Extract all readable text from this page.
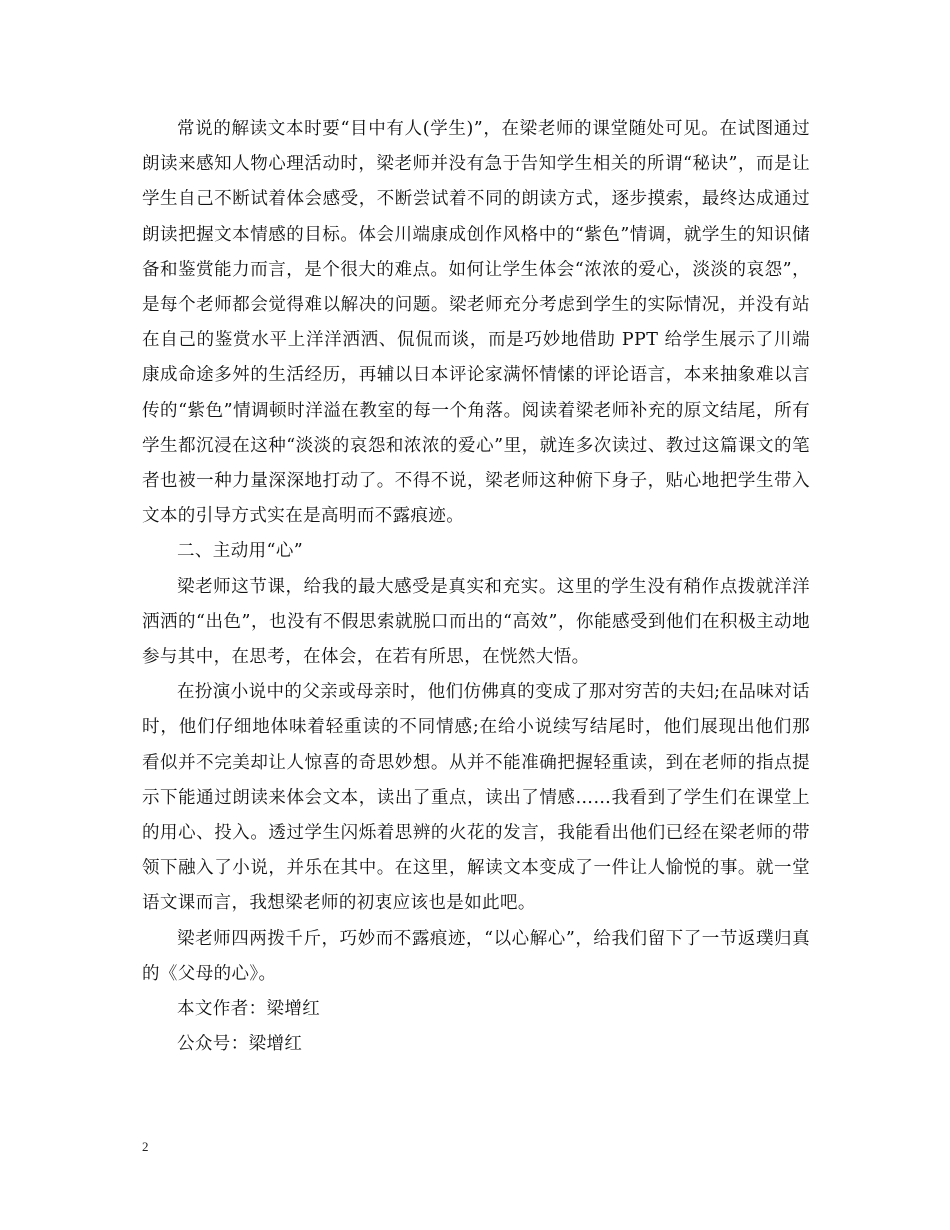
常说的解读文本时要“目中有人(学生)”，在梁老师的课堂随处可见。在试图通过朗读来感知人物心理活动时，梁老师并没有急于告知学生相关的所谓“秘诀”，而是让学生自己不断试着体会感受，不断尝试着不同的朗读方式，逐步摸索，最终达成通过朗读把握文本情感的目标。体会川端康成创作风格中的“紫色”情调，就学生的知识储备和鉴赏能力而言，是个很大的难点。如何让学生体会“浓浓的爱心，淡淡的哀怨”，是每个老师都会觉得难以解决的问题。梁老师充分考虑到学生的实际情况，并没有站在自己的鉴赏水平上洋洋洒洒、侃侃而谈，而是巧妙地借助 PPT 给学生展示了川端康成命途多舛的生活经历，再辅以日本评论家满怀情愫的评论语言，本来抽象难以言传的“紫色”情调顿时洋溢在教室的每一个角落。阅读着梁老师补充的原文结尾，所有学生都沉浸在这种“淡淡的哀怨和浓浓的爱心”里，就连多次读过、教过这篇课文的笔者也被一种力量深深地打动了。不得不说，梁老师这种俯下身子，贴心地把学生带入文本的引导方式实在是高明而不露痕迹。

二、主动用“心”

梁老师这节课，给我的最大感受是真实和充实。这里的学生没有稍作点拨就洋洋洒洒的“出色”，也没有不假思索就脱口而出的“高效”，你能感受到他们在积极主动地参与其中，在思考，在体会，在若有所思，在恍然大悟。

在扮演小说中的父亲或母亲时，他们仿佛真的变成了那对穷苦的夫妇;在品味对话时，他们仔细地体味着轻重读的不同情感;在给小说续写结尾时，他们展现出他们那看似并不完美却让人惊喜的奇思妙想。从并不能准确把握轻重读，到在老师的指点提示下能通过朗读来体会文本，读出了重点，读出了情感……我看到了学生们在课堂上的用心、投入。透过学生闪烁着思辨的火花的发言，我能看出他们已经在梁老师的带领下融入了小说，并乐在其中。在这里，解读文本变成了一件让人愉悦的事。就一堂语文课而言，我想梁老师的初衷应该也是如此吧。

梁老师四两拨千斤，巧妙而不露痕迹，“以心解心”，给我们留下了一节返璞归真的《父母的心》。

本文作者：梁增红

公众号：梁增红

2
